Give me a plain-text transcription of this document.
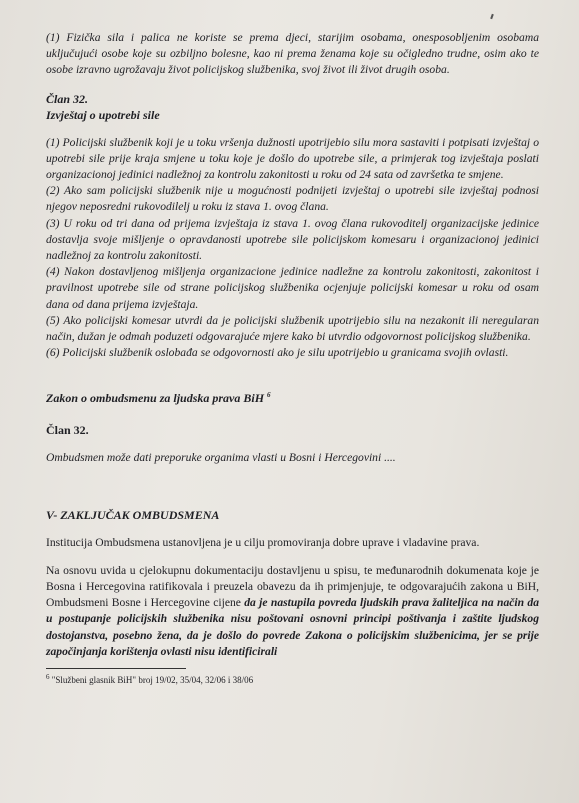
(1) Fizička sila i palica ne koriste se prema djeci, starijim osobama, onesposobljenim osobama uključujući osobe koje su ozbiljno bolesne, kao ni prema ženama koje su očigledno trudne, osim ako te osobe izravno ugrožavaju život policijskog službenika, svoj život ili život drugih osoba.

Član 32.

Izvještaj o upotrebi sile

(1) Policijski službenik koji je u toku vršenja dužnosti upotrijebio silu mora sastaviti i potpisati izvještaj o upotrebi sile prije kraja smjene u toku koje je došlo do upotrebe sile, a primjerak tog izvještaja poslati organizacionoj jedinici nadležnoj za kontrolu zakonitosti u roku od 24 sata od završetka te smjene.

(2) Ako sam policijski službenik nije u mogućnosti podnijeti izvještaj o upotrebi sile izvještaj podnosi njegov neposredni rukovodilelj u roku iz stava 1. ovog člana.

(3) U roku od tri dana od prijema izvještaja iz stava 1. ovog člana rukovoditelj organizacijske jedinice dostavlja svoje mišljenje o opravdanosti upotrebe sile policijskom komesaru i organizacionoj jedinici nadležnoj za kontrolu zakonitosti.

(4) Nakon dostavljenog mišljenja organizacione jedinice nadležne za kontrolu zakonitosti, zakonitost i pravilnost upotrebe sile od strane policijskog službenika ocjenjuje policijski komesar u roku od osam dana od dana prijema izvještaja.

(5) Ako policijski komesar utvrdi da je policijski službenik upotrijebio silu na nezakonit ili neregularan način, dužan je odmah poduzeti odgovarajuće mjere kako bi utvrdio odgovornost policijskog službenika.

(6) Policijski službenik oslobađa se odgovornosti ako je silu upotrijebio u granicama svojih ovlasti.

Zakon o ombudsmenu za ljudska prava BiH $^6$

Član 32.

Ombudsmen može dati preporuke organima vlasti u Bosni i Hercegovini ....

V- ZAKLJUČAK OMBUDSMENA

Institucija Ombudsmena ustanovljena je u cilju promoviranja dobre uprave i vladavine prava.

Na osnovu uvida u cjelokupnu dokumentaciju dostavljenu u spisu, te međunarodnih dokumenata koje je Bosna i Hercegovina ratifikovala i preuzela obavezu da ih primjenjuje, te odgovarajućih zakona u BiH, Ombudsmeni Bosne i Hercegovine cijene da je nastupila povreda ljudskih prava žaliteljica na način da u postupanje policijskih službenika nisu poštovani osnovni principi poštivanja i zaštite ljudskog dostojanstva, posebno žena, da je došlo do povrede Zakona o policijskim službenicima, jer se prije započinjanja korištenja ovlasti nisu identificirali

$^6$ "Službeni glasnik BiH" broj 19/02, 35/04, 32/06 i 38/06
